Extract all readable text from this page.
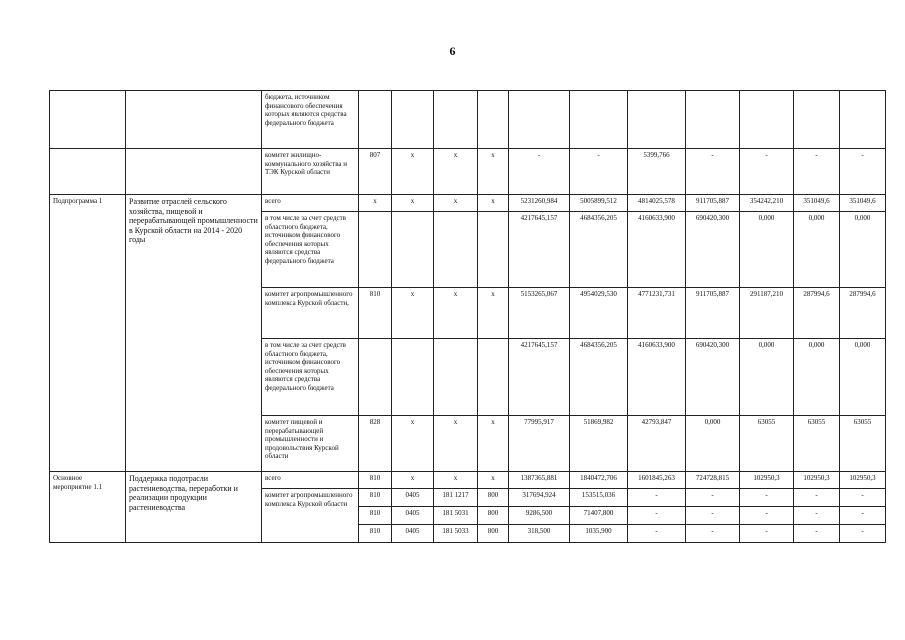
6
		бюджета, источником финансового обеспечения которых являются средства федерального бюджета											
		комитет жилищно-коммунального хозяйства и ТЭК Курской области	807	х	х	х	-	-	5399,766	-	-	-	-
Подпрограмма 1	Развитие отраслей сельского хозяйства, пищевой и перерабатывающей промышленности в Курской области на 2014 - 2020 годы	всего	х	х	х	х	5231260,984	5005899,512	4814025,578	911705,887	354242,210	351049,6	351049,6
		в том числе за счет средств областного бюджета, источником финансового обеспечения которых являются средства федерального бюджета					4217645,157	4684356,205	4160633,900	690420,300	0,000	0,000	0,000
		комитет агропромышленного комплекса Курской области,	810	х	х	х	5153265,067	4954029,530	4771231,731	911705,887	291187,210	287994,6	287994,6
		в том числе за счет средств областного бюджета, источником финансового обеспечения которых являются средства федерального бюджета					4217645,157	4684356,205	4160633,900	690420,300	0,000	0,000	0,000
		комитет пищевой и перерабатывающей промышленности и продовольствия Курской области	828	х	х	х	77995,917	51869,982	42793,847	0,000	63055	63055	63055
Основное мероприятие 1.1	Поддержка подотрасли растениеводства, переработки и реализации продукции растениеводства	всего	810	х	х	х	1387365,881	1840472,706	1601845,263	724728,815	102950,3	102950,3	102950,3
		комитет агропромышленного комплекса Курской области	810	0405	181 1217	800	317694,924	153515,036	-	-	-	-	-
			810	0405	181 5031	800	9286,500	71407,800	-	-	-	-	-
			810	0405	181 5033	800	318,500	1035,900	-	-	-	-	-
